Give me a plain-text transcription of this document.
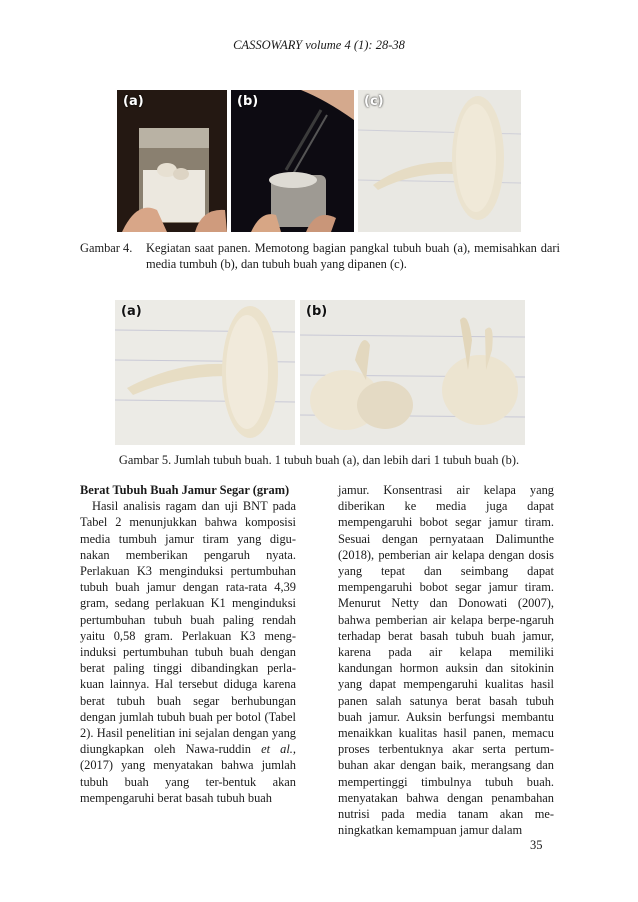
CASSOWARY volume 4 (1): 28-38
(a)	(b)	(c)
Gambar 4. Kegiatan saat panen. Memotong bagian pangkal tubuh buah (a), memisahkan dari media tumbuh (b), dan tubuh buah yang dipanen (c).
(a)	(b)
Gambar 5. Jumlah tubuh buah. 1 tubuh buah (a), dan lebih dari 1 tubuh buah (b).

Berat Tubuh Buah Jamur Segar (gram)

Hasil analisis ragam dan uji BNT pada Tabel 2 menunjukkan bahwa komposisi media tumbuh jamur tiram yang digu-nakan memberikan pengaruh nyata. Perlakuan K3 menginduksi pertumbuhan tubuh buah jamur dengan rata-rata 4,39 gram, sedang perlakuan K1 menginduksi pertumbuhan tubuh buah paling rendah yaitu 0,58 gram. Perlakuan K3 meng-induksi pertumbuhan tubuh buah dengan berat paling tinggi dibandingkan perla-kuan lainnya. Hal tersebut diduga karena berat tubuh buah segar berhubungan dengan jumlah tubuh buah per botol (Tabel 2). Hasil penelitian ini sejalan dengan yang diungkapkan oleh Nawa-ruddin et al., (2017) yang menyatakan bahwa jumlah tubuh buah yang ter-bentuk akan mempengaruhi berat basah tubuh buah

jamur. Konsentrasi air kelapa yang diberikan ke media juga dapat mempengaruhi bobot segar jamur tiram. Sesuai dengan pernyataan Dalimunthe (2018), pemberian air kelapa dengan dosis yang tepat dan seimbang dapat mempengaruhi bobot segar jamur tiram. Menurut Netty dan Donowati (2007), bahwa pemberian air kelapa berpe-ngaruh terhadap berat basah tubuh buah jamur, karena pada air kelapa memiliki kandungan hormon auksin dan sitokinin yang dapat mempengaruhi kualitas hasil panen salah satunya berat basah tubuh buah jamur. Auksin berfungsi membantu menaikkan kualitas hasil panen, memacu proses terbentuknya akar serta pertum-buhan akar dengan baik, merangsang dan mempertinggi timbulnya tubuh buah. menyatakan bahwa dengan penambahan nutrisi pada media tanam akan me-ningkatkan kemampuan jamur dalam

35
